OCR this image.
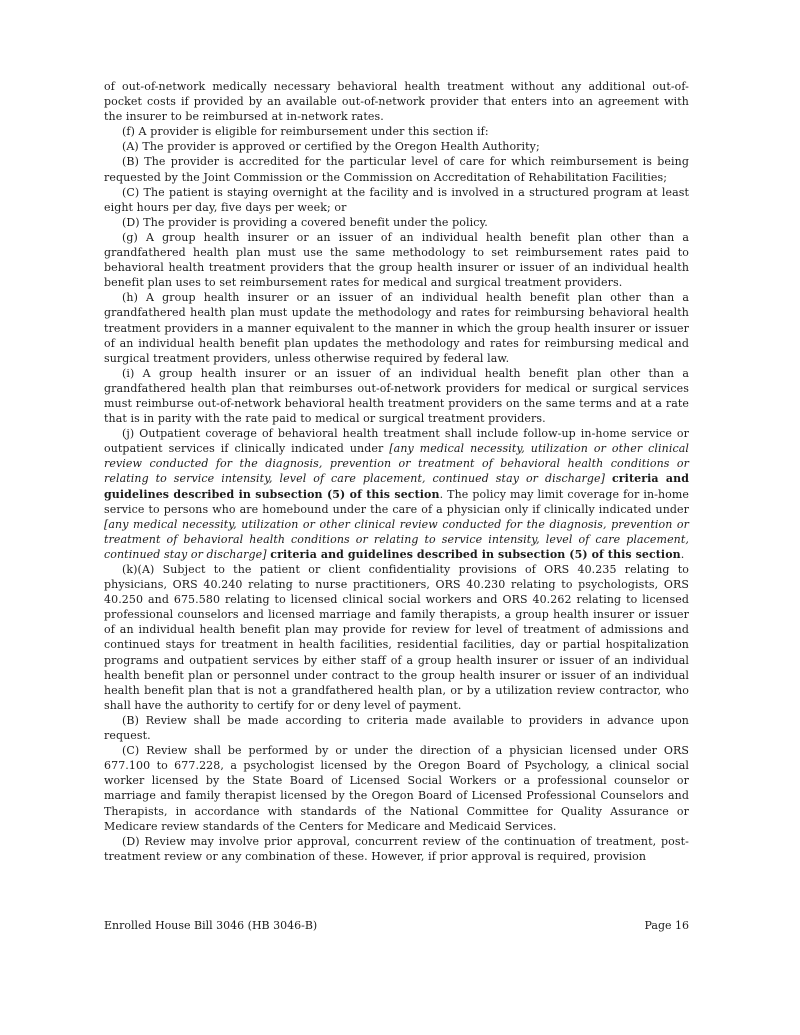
of out-of-network medically necessary behavioral health treatment without any additional out-of-pocket costs if provided by an available out-of-network provider that enters into an agreement with the insurer to be reimbursed at in-network rates.

(f) A provider is eligible for reimbursement under this section if:

(A) The provider is approved or certified by the Oregon Health Authority;

(B) The provider is accredited for the particular level of care for which reimbursement is being requested by the Joint Commission or the Commission on Accreditation of Rehabilitation Facilities;

(C) The patient is staying overnight at the facility and is involved in a structured program at least eight hours per day, five days per week; or

(D) The provider is providing a covered benefit under the policy.

(g) A group health insurer or an issuer of an individual health benefit plan other than a grandfathered health plan must use the same methodology to set reimbursement rates paid to behavioral health treatment providers that the group health insurer or issuer of an individual health benefit plan uses to set reimbursement rates for medical and surgical treatment providers.

(h) A group health insurer or an issuer of an individual health benefit plan other than a grandfathered health plan must update the methodology and rates for reimbursing behavioral health treatment providers in a manner equivalent to the manner in which the group health insurer or issuer of an individual health benefit plan updates the methodology and rates for reimbursing medical and surgical treatment providers, unless otherwise required by federal law.

(i) A group health insurer or an issuer of an individual health benefit plan other than a grandfathered health plan that reimburses out-of-network providers for medical or surgical services must reimburse out-of-network behavioral health treatment providers on the same terms and at a rate that is in parity with the rate paid to medical or surgical treatment providers.

(j) Outpatient coverage of behavioral health treatment shall include follow-up in-home service or outpatient services if clinically indicated under [any medical necessity, utilization or other clinical review conducted for the diagnosis, prevention or treatment of behavioral health conditions or relating to service intensity, level of care placement, continued stay or discharge] criteria and guidelines described in subsection (5) of this section. The policy may limit coverage for in-home service to persons who are homebound under the care of a physician only if clinically indicated under [any medical necessity, utilization or other clinical review conducted for the diagnosis, prevention or treatment of behavioral health conditions or relating to service intensity, level of care placement, continued stay or discharge] criteria and guidelines described in subsection (5) of this section.

(k)(A) Subject to the patient or client confidentiality provisions of ORS 40.235 relating to physicians, ORS 40.240 relating to nurse practitioners, ORS 40.230 relating to psychologists, ORS 40.250 and 675.580 relating to licensed clinical social workers and ORS 40.262 relating to licensed professional counselors and licensed marriage and family therapists, a group health insurer or issuer of an individual health benefit plan may provide for review for level of treatment of admissions and continued stays for treatment in health facilities, residential facilities, day or partial hospitalization programs and outpatient services by either staff of a group health insurer or issuer of an individual health benefit plan or personnel under contract to the group health insurer or issuer of an individual health benefit plan that is not a grandfathered health plan, or by a utilization review contractor, who shall have the authority to certify for or deny level of payment.

(B) Review shall be made according to criteria made available to providers in advance upon request.

(C) Review shall be performed by or under the direction of a physician licensed under ORS 677.100 to 677.228, a psychologist licensed by the Oregon Board of Psychology, a clinical social worker licensed by the State Board of Licensed Social Workers or a professional counselor or marriage and family therapist licensed by the Oregon Board of Licensed Professional Counselors and Therapists, in accordance with standards of the National Committee for Quality Assurance or Medicare review standards of the Centers for Medicare and Medicaid Services.

(D) Review may involve prior approval, concurrent review of the continuation of treatment, post-treatment review or any combination of these. However, if prior approval is required, provision

Enrolled House Bill 3046 (HB 3046-B)	Page 16
